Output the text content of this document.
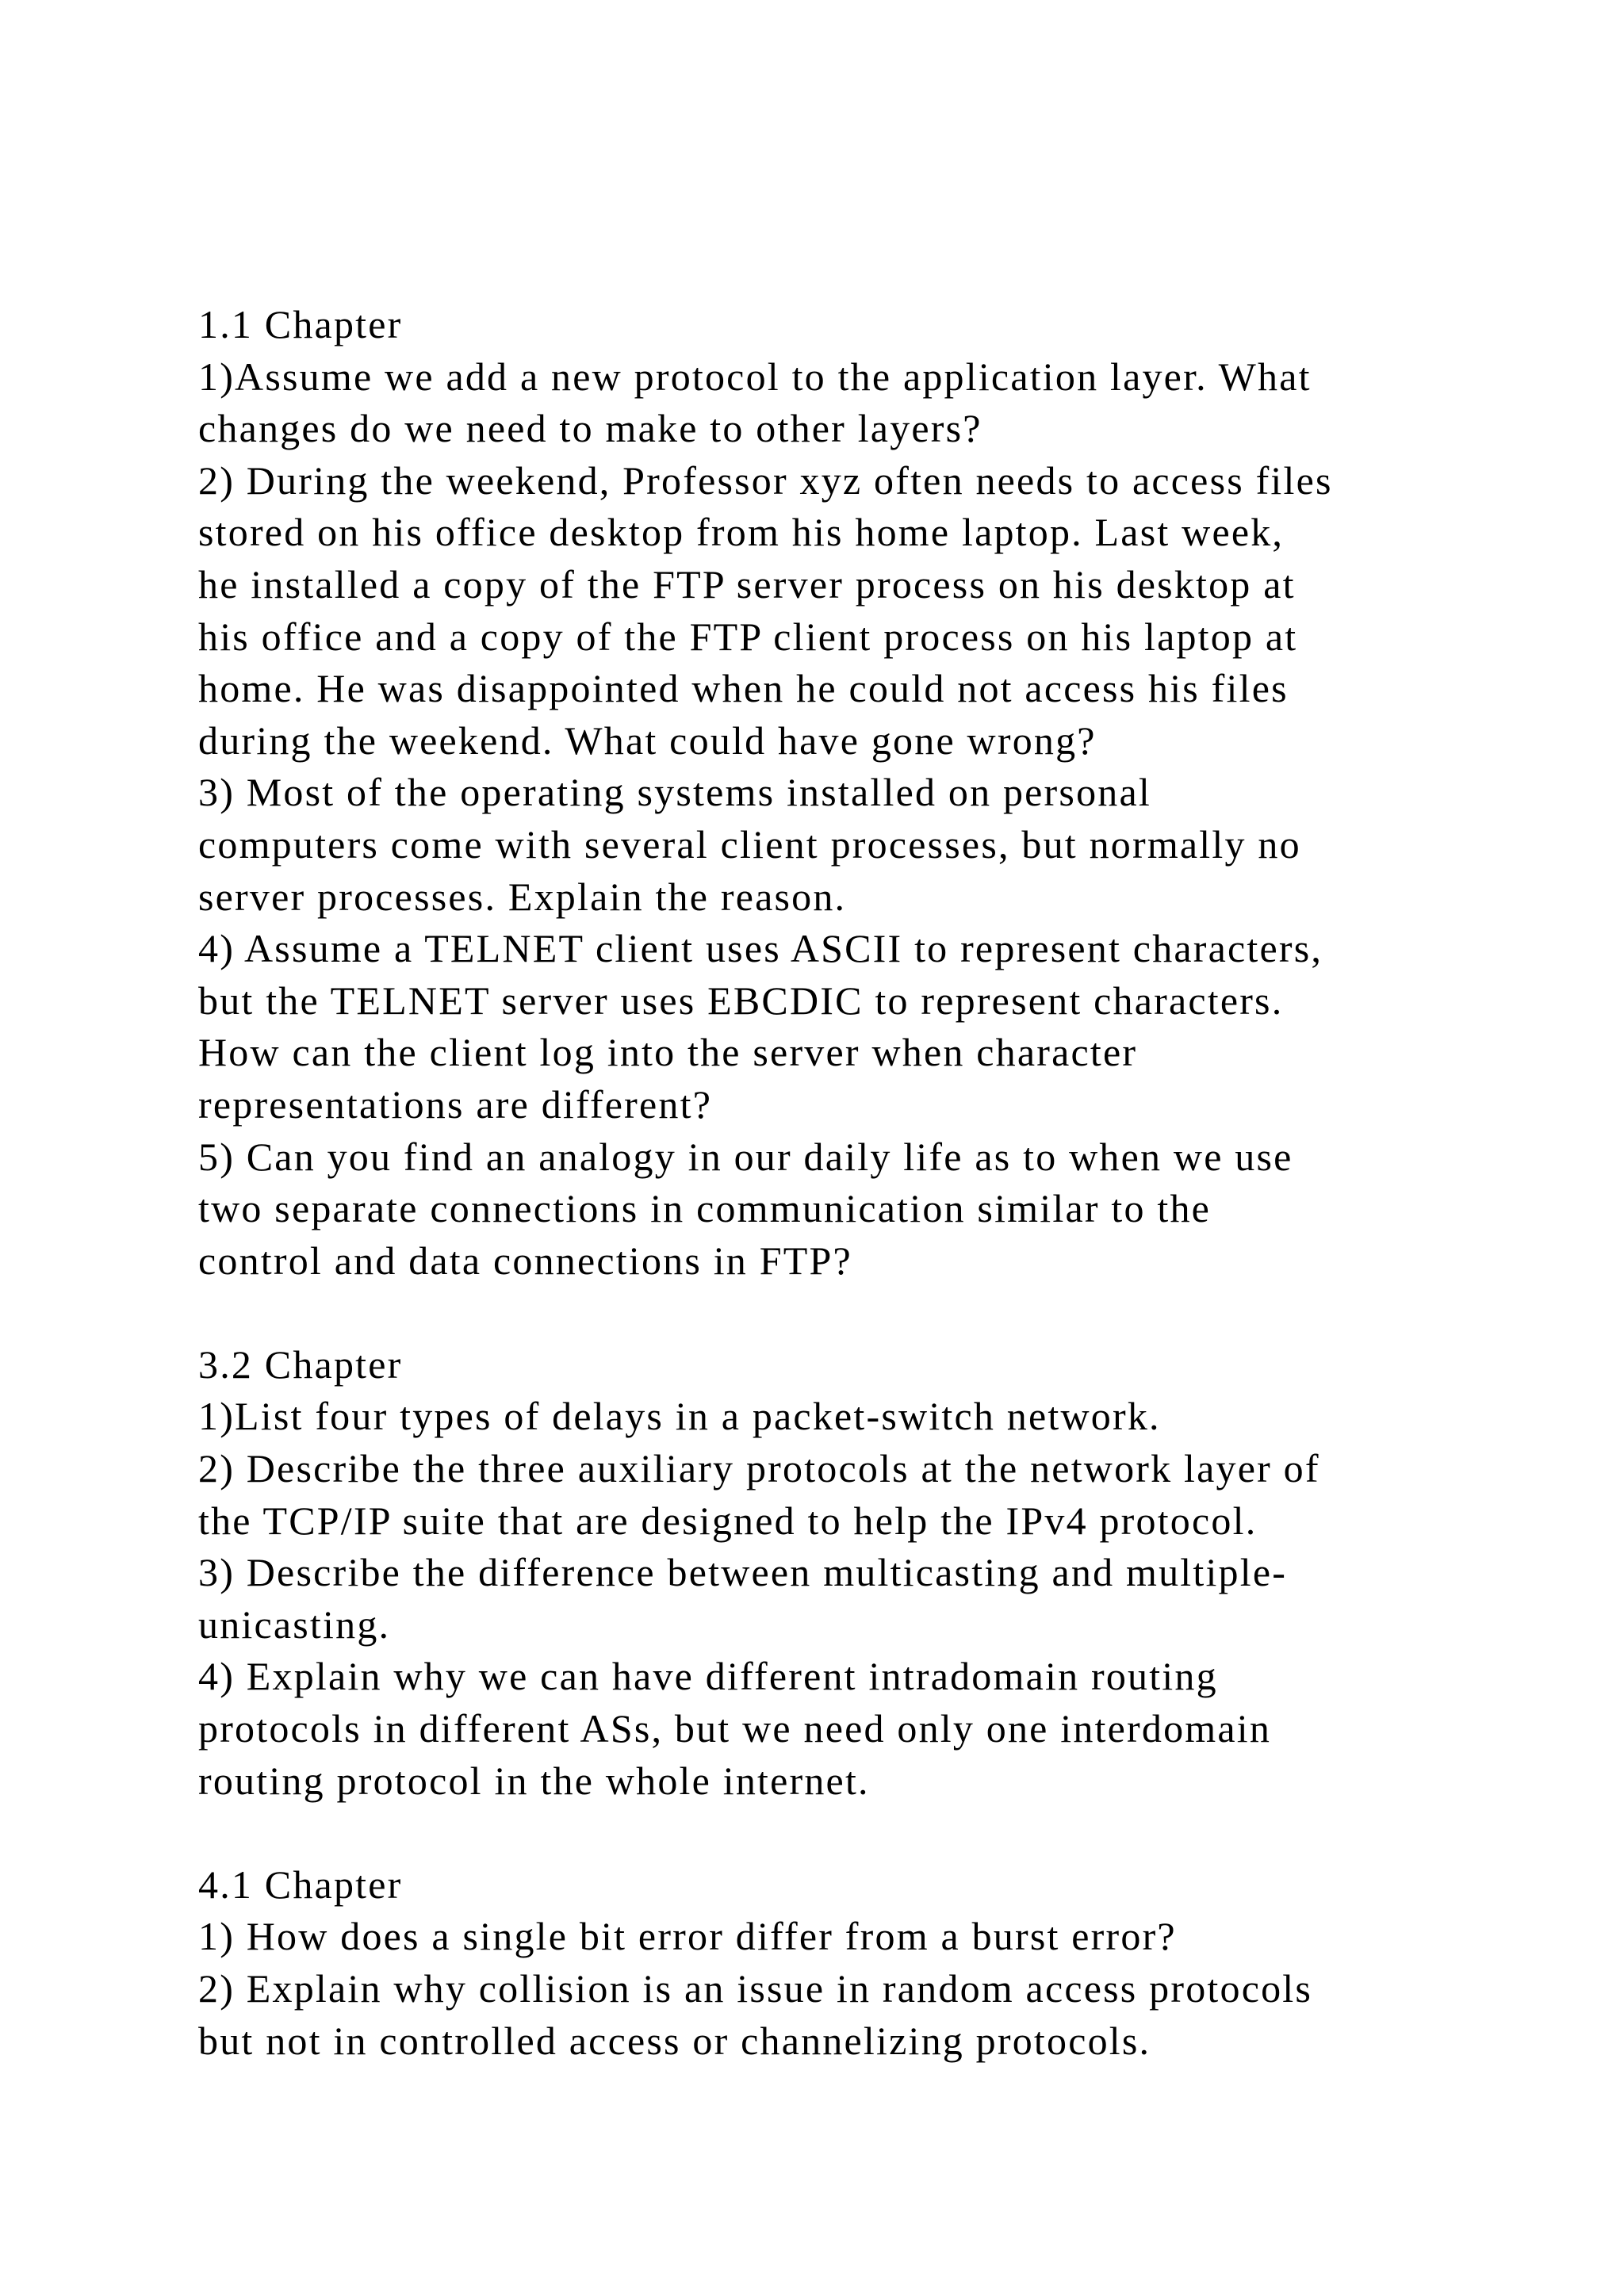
1.1 Chapter
1)Assume we add a new protocol to the application layer. What
changes do we need to make to other layers?
2) During the weekend, Professor xyz often needs to access files
stored on his office desktop from his home laptop. Last week,
he installed a copy of the FTP server process on his desktop at
his office and a copy of the FTP client process on his laptop at
home. He was disappointed when he could not access his files
during the weekend. What could have gone wrong?
3) Most of the operating systems installed on personal
computers come with several client processes, but normally no
server processes. Explain the reason.
4) Assume a TELNET client uses ASCII to represent characters,
but the TELNET server uses EBCDIC to represent characters.
How can the client log into the server when character
representations are different?
5) Can you find an analogy in our daily life as to when we use
two separate connections in communication similar to the
control and data connections in FTP?
3.2 Chapter
1)List four types of delays in a packet-switch network.
2) Describe the three auxiliary protocols at the network layer of
the TCP/IP suite that are designed to help the IPv4 protocol.
3) Describe the difference between multicasting and multiple-
unicasting.
4) Explain why we can have different intradomain routing
protocols in different ASs, but we need only one interdomain
routing protocol in the whole internet.
4.1 Chapter
1) How does a single bit error differ from a burst error?
2) Explain why collision is an issue in random access protocols
but not in controlled access or channelizing protocols.
